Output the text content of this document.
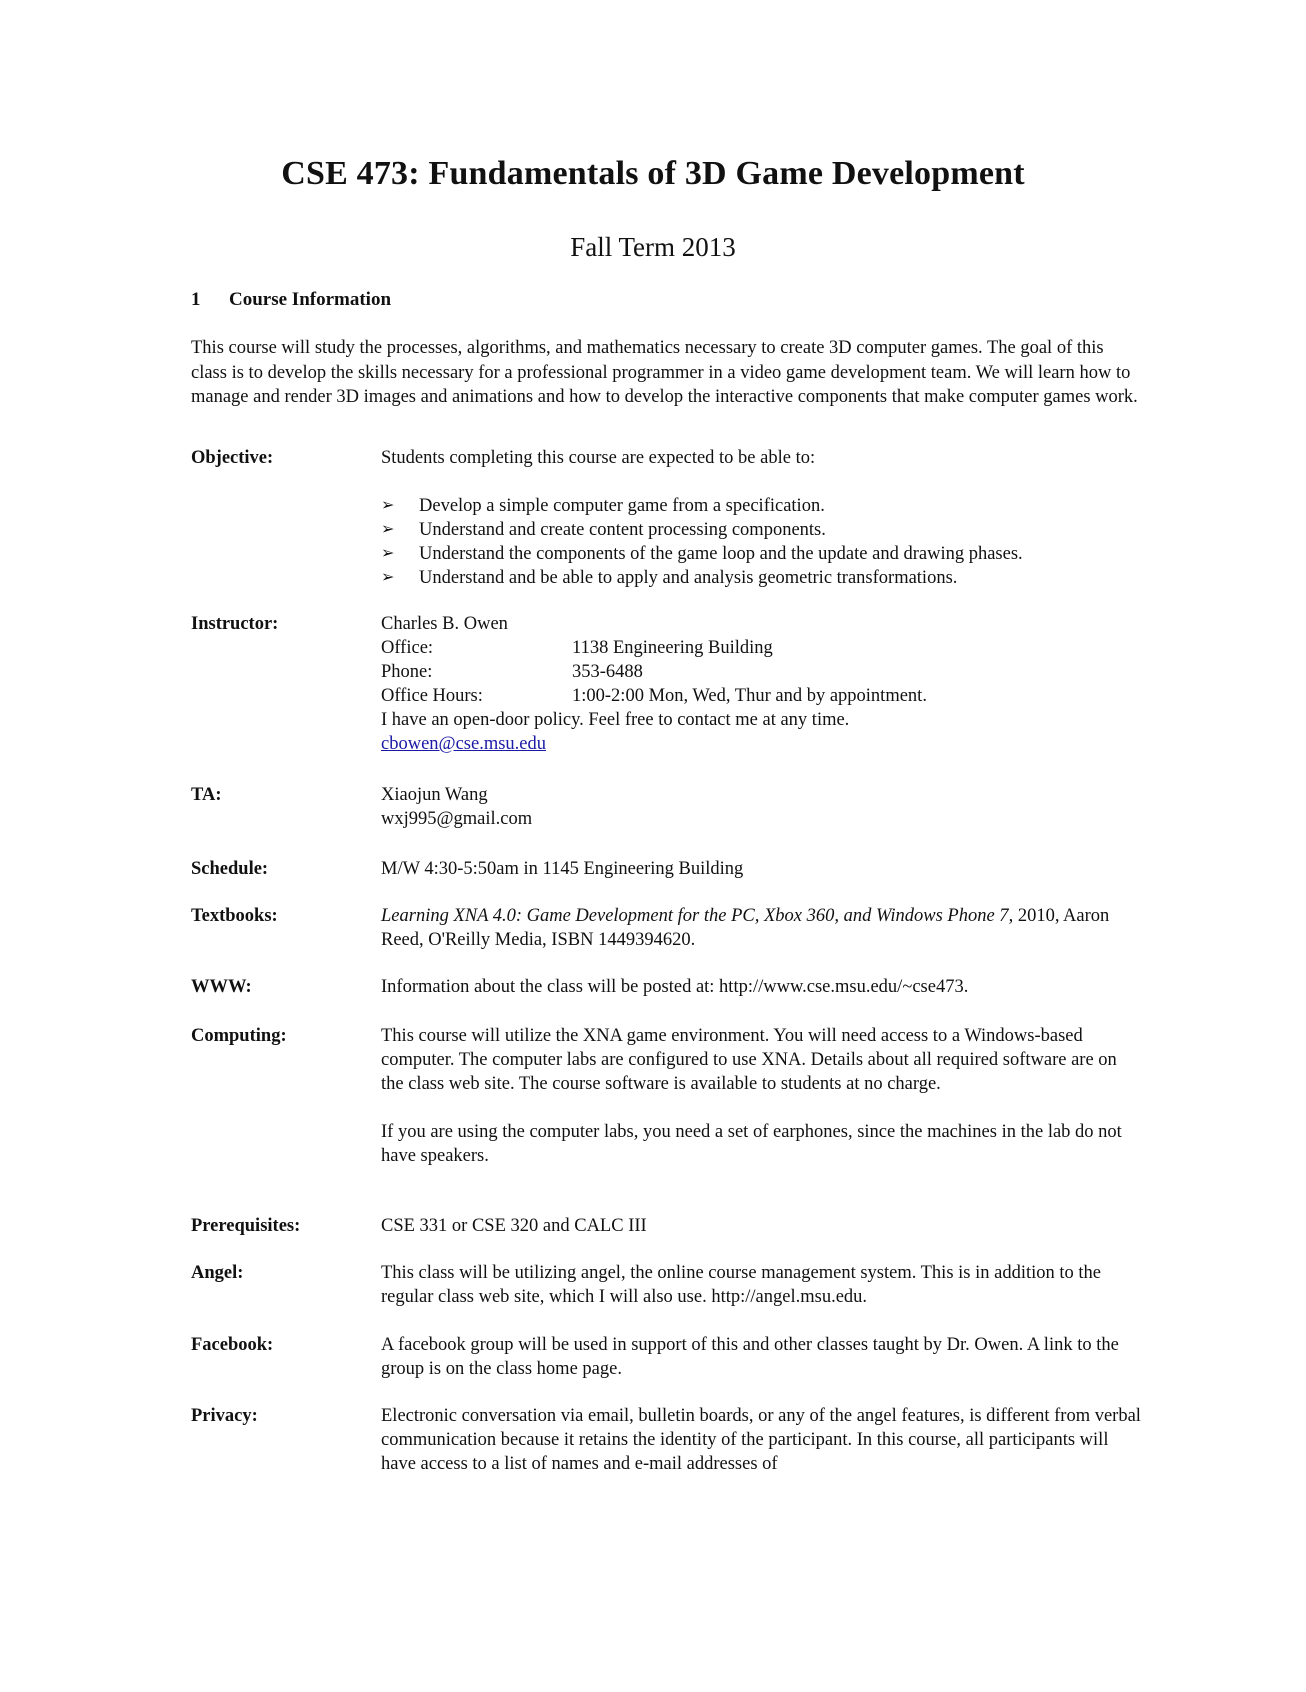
CSE 473: Fundamentals of 3D Game Development
Fall Term 2013
1 Course Information
This course will study the processes, algorithms, and mathematics necessary to create 3D computer games. The goal of this class is to develop the skills necessary for a professional programmer in a video game development team. We will learn how to manage and render 3D images and animations and how to develop the interactive components that make computer games work.
Objective:	Students completing this course are expected to be able to:
➢ Develop a simple computer game from a specification.
➢ Understand and create content processing components.
➢ Understand the components of the game loop and the update and drawing phases.
➢ Understand and be able to apply and analysis geometric transformations.
Instructor:	Charles B. Owen
Office:	1138 Engineering Building
Phone:	353-6488
Office Hours:	1:00-2:00 Mon, Wed, Thur and by appointment.
I have an open-door policy. Feel free to contact me at any time.
cbowen@cse.msu.edu
TA:	Xiaojun Wang
wxj995@gmail.com
Schedule:	M/W 4:30-5:50am in 1145 Engineering Building
Textbooks:	Learning XNA 4.0: Game Development for the PC, Xbox 360, and Windows Phone 7, 2010, Aaron Reed, O'Reilly Media, ISBN 1449394620.
WWW:	Information about the class will be posted at: http://www.cse.msu.edu/~cse473.
Computing:	This course will utilize the XNA game environment. You will need access to a Windows-based computer. The computer labs are configured to use XNA. Details about all required software are on the class web site. The course software is available to students at no charge.
If you are using the computer labs, you need a set of earphones, since the machines in the lab do not have speakers.
Prerequisites:	CSE 331 or CSE 320 and CALC III
Angel:	This class will be utilizing angel, the online course management system. This is in addition to the regular class web site, which I will also use. http://angel.msu.edu.
Facebook:	A facebook group will be used in support of this and other classes taught by Dr. Owen. A link to the group is on the class home page.
Privacy:	Electronic conversation via email, bulletin boards, or any of the angel features, is different from verbal communication because it retains the identity of the participant. In this course, all participants will have access to a list of names and e-mail addresses of
